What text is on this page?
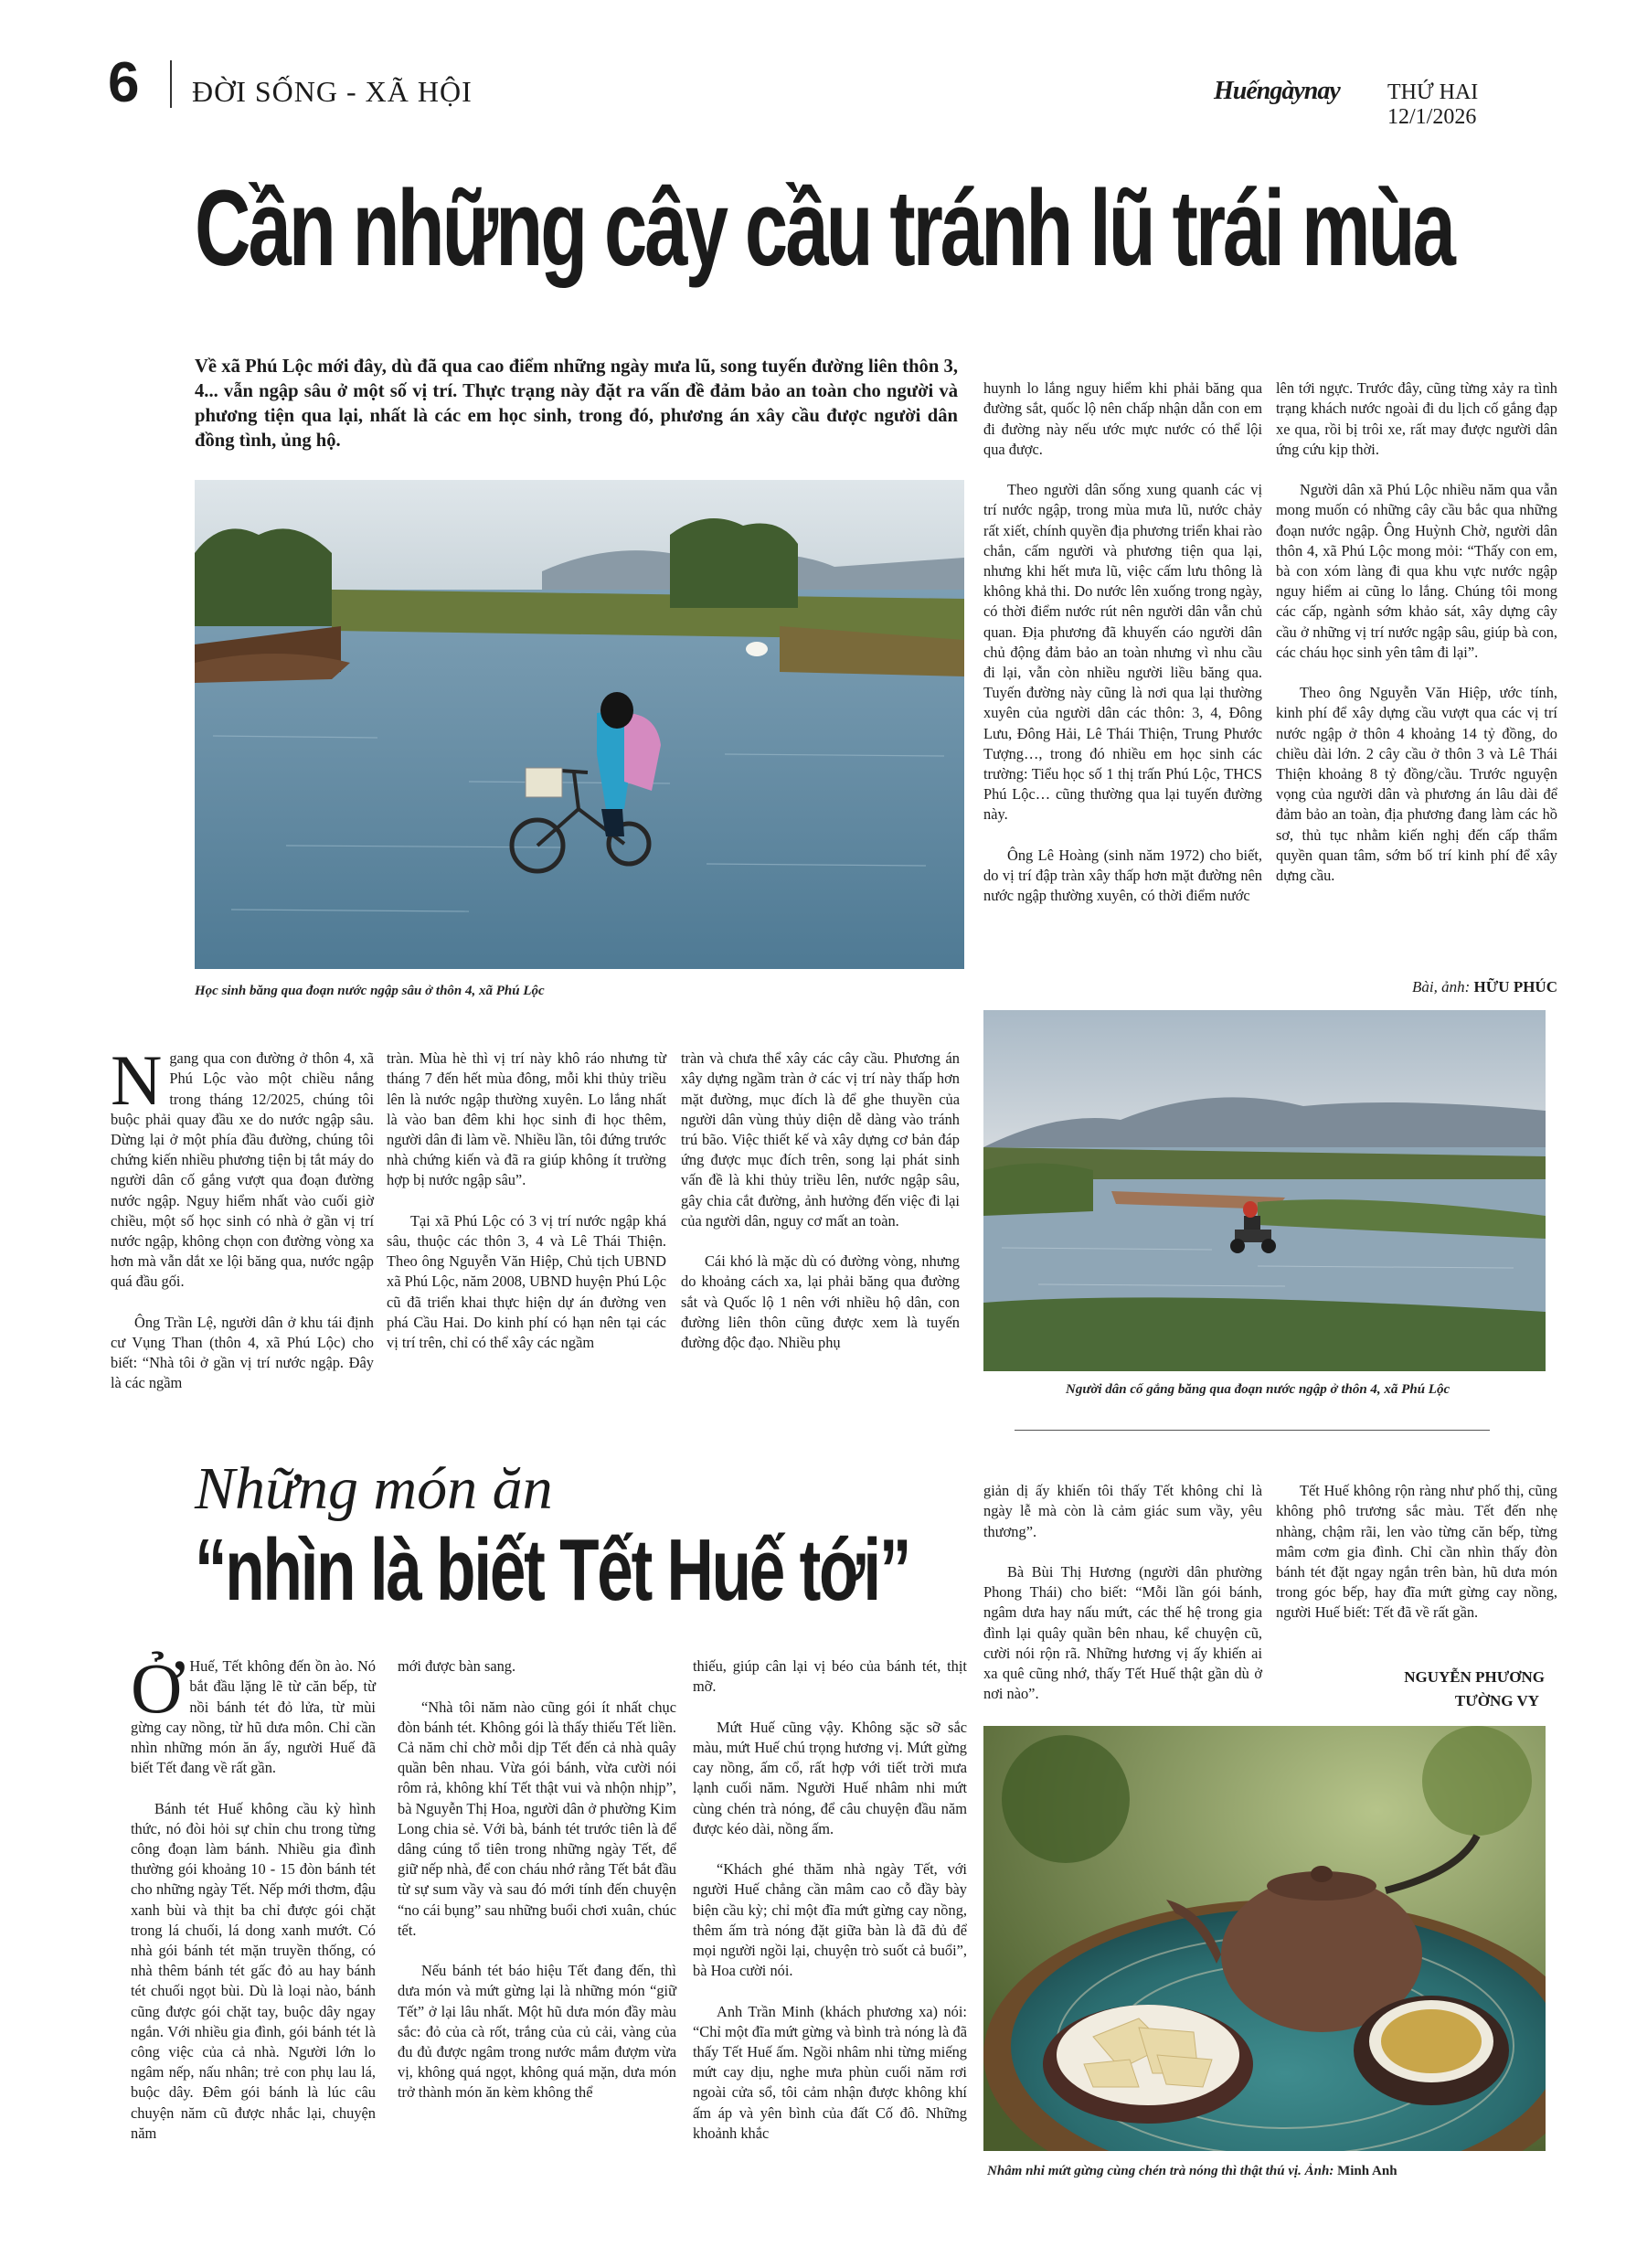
6 ĐỜI SỐNG - XÃ HỘI	Huếngàynay THỨ HAI 12/1/2026
Cần những cây cầu tránh lũ trái mùa
Về xã Phú Lộc mới đây, dù đã qua cao điểm những ngày mưa lũ, song tuyến đường liên thôn 3, 4... vẫn ngập sâu ở một số vị trí. Thực trạng này đặt ra vấn đề đảm bảo an toàn cho người và phương tiện qua lại, nhất là các em học sinh, trong đó, phương án xây cầu được người dân đồng tình, ủng hộ.
Học sinh băng qua đoạn nước ngập sâu ở thôn 4, xã Phú Lộc

Ngang qua con đường ở thôn 4, xã Phú Lộc vào một chiều nắng trong tháng 12/2025, chúng tôi buộc phải quay đầu xe do nước ngập sâu. Dừng lại ở một phía đầu đường, chúng tôi chứng kiến nhiều phương tiện bị tắt máy do người dân cố gắng vượt qua đoạn đường nước ngập. Nguy hiểm nhất vào cuối giờ chiều, một số học sinh có nhà ở gần vị trí nước ngập, không chọn con đường vòng xa hơn mà vẫn dắt xe lội băng qua, nước ngập quá đầu gối.

Ông Trần Lệ, người dân ở khu tái định cư Vụng Than (thôn 4, xã Phú Lộc) cho biết: “Nhà tôi ở gần vị trí nước ngập. Đây là các ngầm

tràn. Mùa hè thì vị trí này khô ráo nhưng từ tháng 7 đến hết mùa đông, mỗi khi thủy triều lên là nước ngập thường xuyên. Lo lắng nhất là vào ban đêm khi học sinh đi học thêm, người dân đi làm về. Nhiều lần, tôi đứng trước nhà chứng kiến và đã ra giúp không ít trường hợp bị nước ngập sâu”.

Tại xã Phú Lộc có 3 vị trí nước ngập khá sâu, thuộc các thôn 3, 4 và Lê Thái Thiện. Theo ông Nguyễn Văn Hiệp, Chủ tịch UBND xã Phú Lộc, năm 2008, UBND huyện Phú Lộc cũ đã triển khai thực hiện dự án đường ven phá Cầu Hai. Do kinh phí có hạn nên tại các vị trí trên, chỉ có thể xây các ngầm

tràn và chưa thể xây các cây cầu. Phương án xây dựng ngầm tràn ở các vị trí này thấp hơn mặt đường, mục đích là để ghe thuyền của người dân vùng thủy diện dễ dàng vào tránh trú bão. Việc thiết kế và xây dựng cơ bản đáp ứng được mục đích trên, song lại phát sinh vấn đề là khi thủy triều lên, nước ngập sâu, gây chia cắt đường, ảnh hưởng đến việc đi lại của người dân, nguy cơ mất an toàn.

Cái khó là mặc dù có đường vòng, nhưng do khoảng cách xa, lại phải băng qua đường sắt và Quốc lộ 1 nên với nhiều hộ dân, con đường liên thôn cũng được xem là tuyến đường độc đạo. Nhiều phụ

huynh lo lắng nguy hiểm khi phải băng qua đường sắt, quốc lộ nên chấp nhận dẫn con em đi đường này nếu ước mực nước có thể lội qua được.

Theo người dân sống xung quanh các vị trí nước ngập, trong mùa mưa lũ, nước chảy rất xiết, chính quyền địa phương triển khai rào chắn, cấm người và phương tiện qua lại, nhưng khi hết mưa lũ, việc cấm lưu thông là không khả thi. Do nước lên xuống trong ngày, có thời điểm nước rút nên người dân vẫn chủ quan. Địa phương đã khuyến cáo người dân chủ động đảm bảo an toàn nhưng vì nhu cầu đi lại, vẫn còn nhiều người liều băng qua. Tuyến đường này cũng là nơi qua lại thường xuyên của người dân các thôn: 3, 4, Đông Lưu, Đông Hải, Lê Thái Thiện, Trung Phước Tượng…, trong đó nhiều em học sinh các trường: Tiểu học số 1 thị trấn Phú Lộc, THCS Phú Lộc… cũng thường qua lại tuyến đường này.

Ông Lê Hoàng (sinh năm 1972) cho biết, do vị trí đập tràn xây thấp hơn mặt đường nên nước ngập thường xuyên, có thời điểm nước

lên tới ngực. Trước đây, cũng từng xảy ra tình trạng khách nước ngoài đi du lịch cố gắng đạp xe qua, rồi bị trôi xe, rất may được người dân ứng cứu kịp thời.

Người dân xã Phú Lộc nhiều năm qua vẫn mong muốn có những cây cầu bắc qua những đoạn nước ngập. Ông Huỳnh Chờ, người dân thôn 4, xã Phú Lộc mong mỏi: “Thấy con em, bà con xóm làng đi qua khu vực nước ngập nguy hiểm ai cũng lo lắng. Chúng tôi mong các cấp, ngành sớm khảo sát, xây dựng cây cầu ở những vị trí nước ngập sâu, giúp bà con, các cháu học sinh yên tâm đi lại”.

Theo ông Nguyễn Văn Hiệp, ước tính, kinh phí để xây dựng cầu vượt qua các vị trí nước ngập ở thôn 4 khoảng 14 tỷ đồng, do chiều dài lớn. 2 cây cầu ở thôn 3 và Lê Thái Thiện khoảng 8 tỷ đồng/cầu. Trước nguyện vọng của người dân và phương án lâu dài để đảm bảo an toàn, địa phương đang làm các hồ sơ, thủ tục nhằm kiến nghị đến cấp thẩm quyền quan tâm, sớm bố trí kinh phí để xây dựng cầu.

Bài, ảnh: HỮU PHÚC
Người dân cố gắng băng qua đoạn nước ngập ở thôn 4, xã Phú Lộc
Những món ăn
“nhìn là biết Tết Huế tới”

Ở Huế, Tết không đến ồn ào. Nó bắt đầu lặng lẽ từ căn bếp, từ nồi bánh tét đỏ lửa, từ mùi gừng cay nồng, từ hũ dưa môn. Chỉ cần nhìn những món ăn ấy, người Huế đã biết Tết đang về rất gần.

Bánh tét Huế không cầu kỳ hình thức, nó đòi hỏi sự chỉn chu trong từng công đoạn làm bánh. Nhiều gia đình thường gói khoảng 10 - 15 đòn bánh tét cho những ngày Tết. Nếp mới thơm, đậu xanh bùi và thịt ba chỉ được gói chặt trong lá chuối, lá dong xanh mướt. Có nhà gói bánh tét mặn truyền thống, có nhà thêm bánh tét gấc đỏ au hay bánh tét chuối ngọt bùi. Dù là loại nào, bánh cũng được gói chặt tay, buộc dây ngay ngắn. Với nhiều gia đình, gói bánh tét là công việc của cả nhà. Người lớn lo ngâm nếp, nấu nhân; trẻ con phụ lau lá, buộc dây. Đêm gói bánh là lúc câu chuyện năm cũ được nhắc lại, chuyện năm

mới được bàn sang.

“Nhà tôi năm nào cũng gói ít nhất chục đòn bánh tét. Không gói là thấy thiếu Tết liền. Cả năm chỉ chờ mỗi dịp Tết đến cả nhà quây quần bên nhau. Vừa gói bánh, vừa cười nói rôm rả, không khí Tết thật vui và nhộn nhịp”, bà Nguyễn Thị Hoa, người dân ở phường Kim Long chia sẻ. Với bà, bánh tét trước tiên là để dâng cúng tổ tiên trong những ngày Tết, để giữ nếp nhà, để con cháu nhớ rằng Tết bắt đầu từ sự sum vầy và sau đó mới tính đến chuyện “no cái bụng” sau những buổi chơi xuân, chúc tết.

Nếu bánh tét báo hiệu Tết đang đến, thì dưa món và mứt gừng lại là những món “giữ Tết” ở lại lâu nhất. Một hũ dưa món đầy màu sắc: đỏ của cà rốt, trắng của củ cải, vàng của đu đủ được ngâm trong nước mắm đượm vừa vị, không quá ngọt, không quá mặn, dưa món trở thành món ăn kèm không thể

thiếu, giúp cân lại vị béo của bánh tét, thịt mỡ.

Mứt Huế cũng vậy. Không sặc sỡ sắc màu, mứt Huế chú trọng hương vị. Mứt gừng cay nồng, ấm cổ, rất hợp với tiết trời mưa lạnh cuối năm. Người Huế nhâm nhi mứt cùng chén trà nóng, để câu chuyện đầu năm được kéo dài, nồng ấm.

“Khách ghé thăm nhà ngày Tết, với người Huế chẳng cần mâm cao cỗ đầy bày biện cầu kỳ; chỉ một đĩa mứt gừng cay nồng, thêm ấm trà nóng đặt giữa bàn là đã đủ để mọi người ngồi lại, chuyện trò suốt cả buổi”, bà Hoa cười nói.

Anh Trần Minh (khách phương xa) nói: “Chỉ một đĩa mứt gừng và bình trà nóng là đã thấy Tết Huế ấm. Ngồi nhâm nhi từng miếng mứt cay dịu, nghe mưa phùn cuối năm rơi ngoài cửa sổ, tôi cảm nhận được không khí ấm áp và yên bình của đất Cố đô. Những khoảnh khắc

giản dị ấy khiến tôi thấy Tết không chỉ là ngày lễ mà còn là cảm giác sum vầy, yêu thương”.

Bà Bùi Thị Hương (người dân phường Phong Thái) cho biết: “Mỗi lần gói bánh, ngâm dưa hay nấu mứt, các thế hệ trong gia đình lại quây quần bên nhau, kể chuyện cũ, cười nói rộn rã. Những hương vị ấy khiến ai xa quê cũng nhớ, thấy Tết Huế thật gần dù ở nơi nào”.

Tết Huế không rộn ràng như phố thị, cũng không phô trương sắc màu. Tết đến nhẹ nhàng, chậm rãi, len vào từng căn bếp, từng mâm cơm gia đình. Chỉ cần nhìn thấy đòn bánh tét đặt ngay ngắn trên bàn, hũ dưa món trong góc bếp, hay đĩa mứt gừng cay nồng, người Huế biết: Tết đã về rất gần.

NGUYỄN PHƯƠNG
TƯỜNG VY
Nhâm nhi mứt gừng cùng chén trà nóng thì thật thú vị. Ảnh: Minh Anh
